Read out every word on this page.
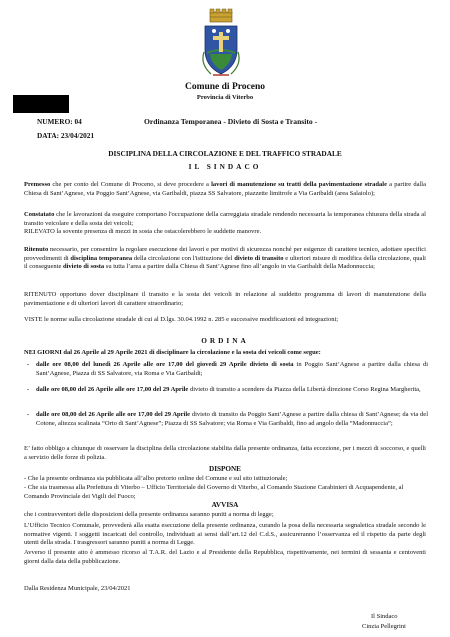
Comune di Proceno
Provincia di Viterbo
NUMERO: 04
DATA: 23/04/2021
Ordinanza Temporanea - Divieto di Sosta e Transito -
DISCIPLINA DELLA CIRCOLAZIONE E DEL TRAFFICO STRADALE
IL SINDACO

Premesso che per conto del Comune di Proceno, si deve procedere a lavori di manutenzione su tratti della pavimentazione stradale a partire dalla Chiesa di Sant’Agnese, via Poggio Sant’Agnese, via Garibaldi, piazza SS Salvatore, piazzette limitrofe a Via Garibaldi (area Salaiolo);

Constatato che le lavorazioni da eseguire comportano l'occupazione della carreggiata stradale rendendo necessaria la temporanea chiusura della strada al transito veicolare e della sosta dei veicoli;
RILEVATO la sovente presenza di mezzi in sosta che ostacolerebbero le suddette manovre.

Ritenuto necessario, per consentire la regolare esecuzione dei lavori e per motivi di sicurezza nonché per esigenze di carattere tecnico, adottare specifici provvedimenti di disciplina temporanea della circolazione con l'istituzione del divieto di transito e ulteriori misure di modifica della circolazione, quali il conseguente divieto di sosta su tutta l’area a partire dalla Chiesa di Sant’Agnese fino all’angolo in via Garibaldi della Madonnuccia;

RITENUTO opportuno dover disciplinare il transito e la sosta dei veicoli in relazione al suddetto programma di lavori di manutenzione della pavimentazione e di ulteriori lavori di carattere straordinario;

VISTE le norme sulla circolazione stradale di cui al D.lgs. 30.04.1992 n. 285 e successive modificazioni ed integrazioni;

ORDINA
NEI GIORNI dal 26 Aprile al 29 Aprile 2021 di disciplinare la circolazione e la sosta dei veicoli come segue:

- dalle ore 08,00 del lunedì 26 Aprile alle ore 17,00 del giovedì 29 Aprile divieto di sosta in Poggio Sant’Agnese a partire dalla chiesa di Sant’Agnese, Piazza di SS Salvatore, via Roma e Via Garibaldi;

- dalle ore 08,00 del 26 Aprile alle ore 17,00 del 29 Aprile divieto di transito a scendere da Piazza della Libertà direzione Corso Regina Margherita,

- dalle ore 08,00 del 26 Aprile alle ore 17,00 del 29 Aprile divieto di transito da Poggio Sant’Agnese a partire dalla chiesa di Sant’Agnese; da via del Cotone, altezza scalinata “Orto di Sant’Agnese”; Piazza di SS Salvatore; via Roma e Via Garibaldi, fino ad angolo della “Madonnuccia”;

E’ fatto obbligo a chiunque di osservare la disciplina della circolazione stabilita dalla presente ordinanza, fatta eccezione, per i mezzi di soccorso, e quelli a servizio delle forze di polizia.

DISPONE

- Che la presente ordinanza sia pubblicata all’albo pretorio online del Comune e sul sito istituzionale;

- Che sia trasmessa alla Prefettura di Viterbo – Ufficio Territoriale del Governo di Viterbo, al Comando Stazione Carabinieri di Acquapendente, al Comando Provinciale dei Vigili del Fuoco;

AVVISA

che i contravventori delle disposizioni della presente ordinanza saranno puniti a norma di legge;

L’Ufficio Tecnico Comunale, provvederà alla esatta esecuzione della presente ordinanza, curando la posa della necessaria segnaletica stradale secondo le normative vigenti. I soggetti incaricati del controllo, individuati ai sensi dall’art.12 del C.d.S., assicureranno l’osservanza ed il rispetto da parte degli utenti della strada. I trasgressori saranno puniti a norma di Legge.

Avverso il presente atto è ammesso ricorso al T.A.R. del Lazio e al Presidente della Repubblica, rispettivamente, nei termini di sessanta e centoventi giorni dalla data della pubblicazione.

Dalla Residenza Municipale, 23/04/2021
Il Sindaco
Cinzia Pellegrini
